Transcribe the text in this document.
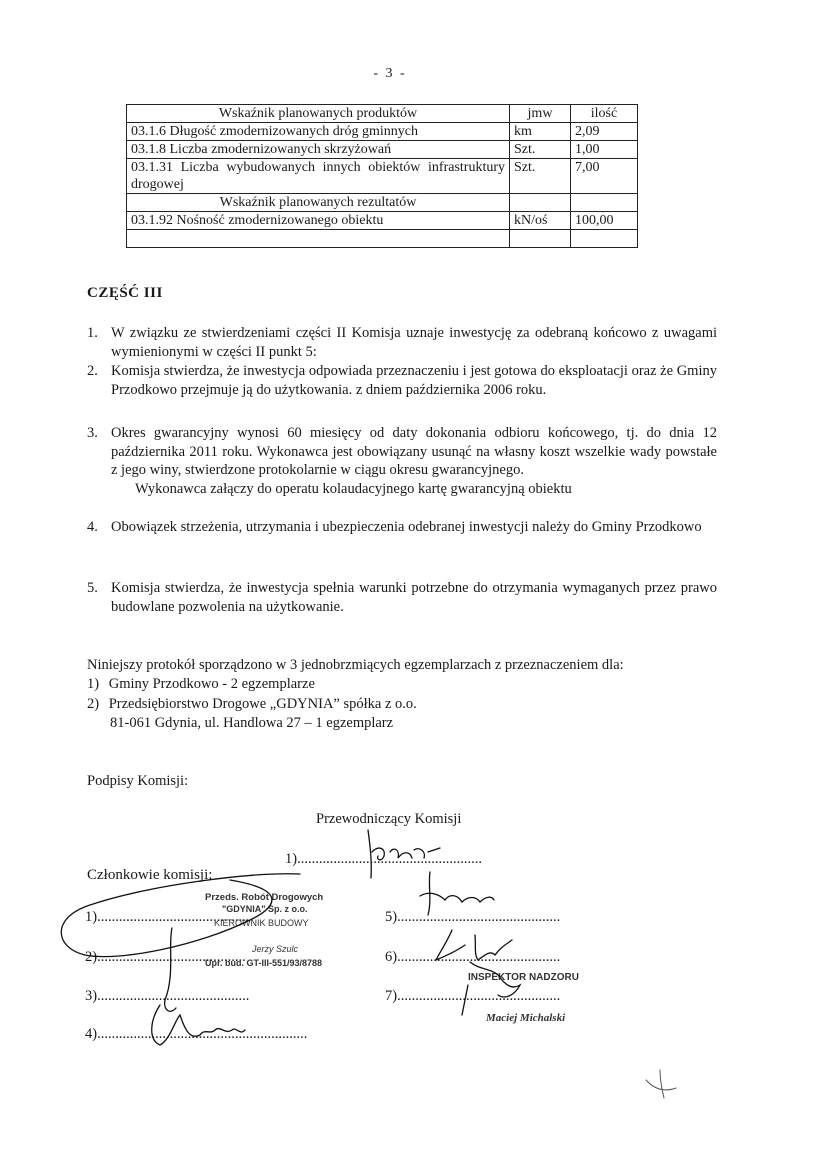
- 3 -
Wskaźnik planowanych produktów	jmw	ilość
03.1.6 Długość zmodernizowanych dróg gminnych	km	2,09
03.1.8 Liczba zmodernizowanych skrzyżowań	Szt.	1,00
03.1.31 Liczba wybudowanych innych obiektów infrastruktury drogowej	Szt.	7,00
Wskaźnik planowanych rezultatów		
03.1.92 Nośność zmodernizowanego obiektu	kN/oś	100,00

CZĘŚĆ III
1. W związku ze stwierdzeniami części II Komisja uznaje inwestycję za odebraną końcowo z uwagami wymienionymi w części II punkt 5:
2. Komisja stwierdza, że inwestycja odpowiada przeznaczeniu i jest gotowa do eksploatacji oraz że Gminy Przodkowo przejmuje ją do użytkowania. z dniem października 2006 roku.
3. Okres gwarancyjny wynosi 60 miesięcy od daty dokonania odbioru końcowego, tj. do dnia 12 października 2011 roku. Wykonawca jest obowiązany usunąć na własny koszt wszelkie wady powstałe z jego winy, stwierdzone protokolarnie w ciągu okresu gwarancyjnego.
Wykonawca załączy do operatu kolaudacyjnego kartę gwarancyjną obiektu
4. Obowiązek strzeżenia, utrzymania i ubezpieczenia odebranej inwestycji należy do Gminy Przodkowo
5. Komisja stwierdza, że inwestycja spełnia warunki potrzebne do otrzymania wymaganych przez prawo budowlane pozwolenia na użytkowanie.
Niniejszy protokół sporządzono w 3 jednobrzmiących egzemplarzach z przeznaczeniem dla:
1) Gminy Przodkowo - 2 egzemplarze
2) Przedsiębiorstwo Drogowe „GDYNIA” spółka z o.o.
81-061 Gdynia, ul. Handlowa 27 – 1 egzemplarz
Podpisy Komisji:
Przewodniczący Komisji
1)...................................................
Członkowie komisji:
1)..........................................
2).........................................
3)..........................................
4)..........................................................
5).............................................
6).............................................
7).............................................
Przeds. Robót Drogowych
"GDYNIA" Sp. z o.o.
KIEROWNIK BUDOWY
Jerzy Szulc
Upr. bud. GT-III-551/93/8788
INSPEKTOR NADZORU
Maciej Michalski
